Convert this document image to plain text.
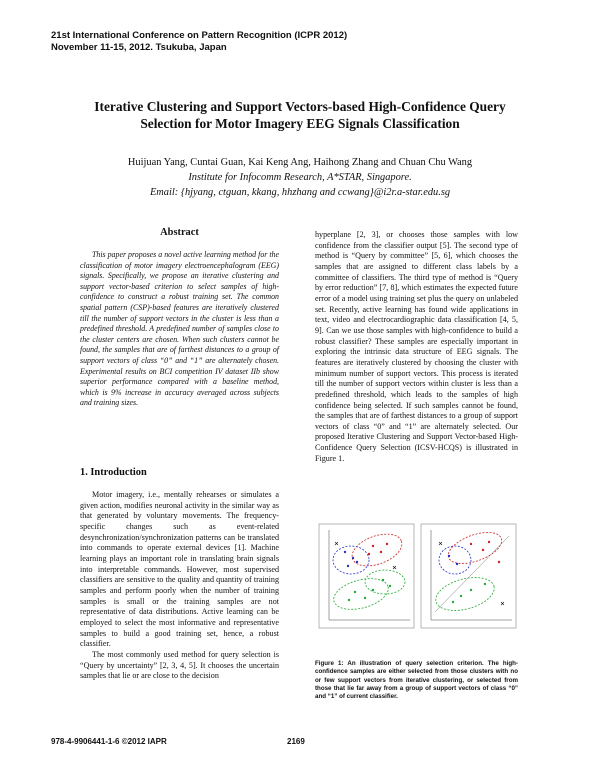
21st International Conference on Pattern Recognition (ICPR 2012)
November 11-15, 2012. Tsukuba, Japan
Iterative Clustering and Support Vectors-based High-Confidence Query
Selection for Motor Imagery EEG Signals Classification
Huijuan Yang, Cuntai Guan, Kai Keng Ang, Haihong Zhang and Chuan Chu Wang
Institute for Infocomm Research, A*STAR, Singapore.
Email: {hjyang, ctguan, kkang, hhzhang and ccwang}@i2r.a-star.edu.sg
Abstract
This paper proposes a novel active learning method for the classification of motor imagery electroencephalogram (EEG) signals. Specifically, we propose an iterative clustering and support vector-based criterion to select samples of high-confidence to construct a robust training set. The common spatial pattern (CSP)-based features are iteratively clustered till the number of support vectors in the cluster is less than a predefined threshold. A predefined number of samples close to the cluster centers are chosen. When such clusters cannot be found, the samples that are of farthest distances to a group of support vectors of class “0” and “1” are alternately chosen. Experimental results on BCI competition IV dataset IIb show superior performance compared with a baseline method, which is 9% increase in accuracy averaged across subjects and training sizes.
1. Introduction

Motor imagery, i.e., mentally rehearses or simulates a given action, modifies neuronal activity in the similar way as that generated by voluntary movements. The frequency-specific changes such as event-related desynchronization/synchronization patterns can be translated into commands to operate external devices [1]. Machine learning plays an important role in translating brain signals into interpretable commands. However, most supervised classifiers are sensitive to the quality and quantity of training samples and perform poorly when the number of training samples is small or the training samples are not representative of data distributions. Active learning can be employed to select the most informative and representative samples to build a good training set, hence, a robust classifier.

The most commonly used method for query selection is “Query by uncertainty” [2, 3, 4, 5]. It chooses the uncertain samples that lie or are close to the decision

hyperplane [2, 3], or chooses those samples with low confidence from the classifier output [5]. The second type of method is “Query by committee” [5, 6], which chooses the samples that are assigned to different class labels by a committee of classifiers. The third type of method is “Query by error reduction” [7, 8], which estimates the expected future error of a model using training set plus the query on unlabeled set. Recently, active learning has found wide applications in text, video and electrocardiographic data classification [4, 5, 9]. Can we use those samples with high-confidence to build a robust classifier? These samples are especially important in exploring the intrinsic data structure of EEG signals. The features are iteratively clustered by choosing the cluster with minimum number of support vectors. This process is iterated till the number of support vectors within cluster is less than a predefined threshold, which leads to the samples of high confidence being selected. If such samples cannot be found, the samples that are of farthest distances to a group of support vectors of class “0” and “1” are alternately selected. Our proposed Iterative Clustering and Support Vector-based High-Confidence Query Selection (ICSV-HCQS) is illustrated in Figure 1.

Figure 1: An illustration of query selection criterion. The high-confidence samples are either selected from those clusters with no or few support vectors from iterative clustering, or selected from those that lie far away from a group of support vectors of class “0” and “1” of current classifier.
978-4-9906441-1-6 ©2012 IAPR	2169
